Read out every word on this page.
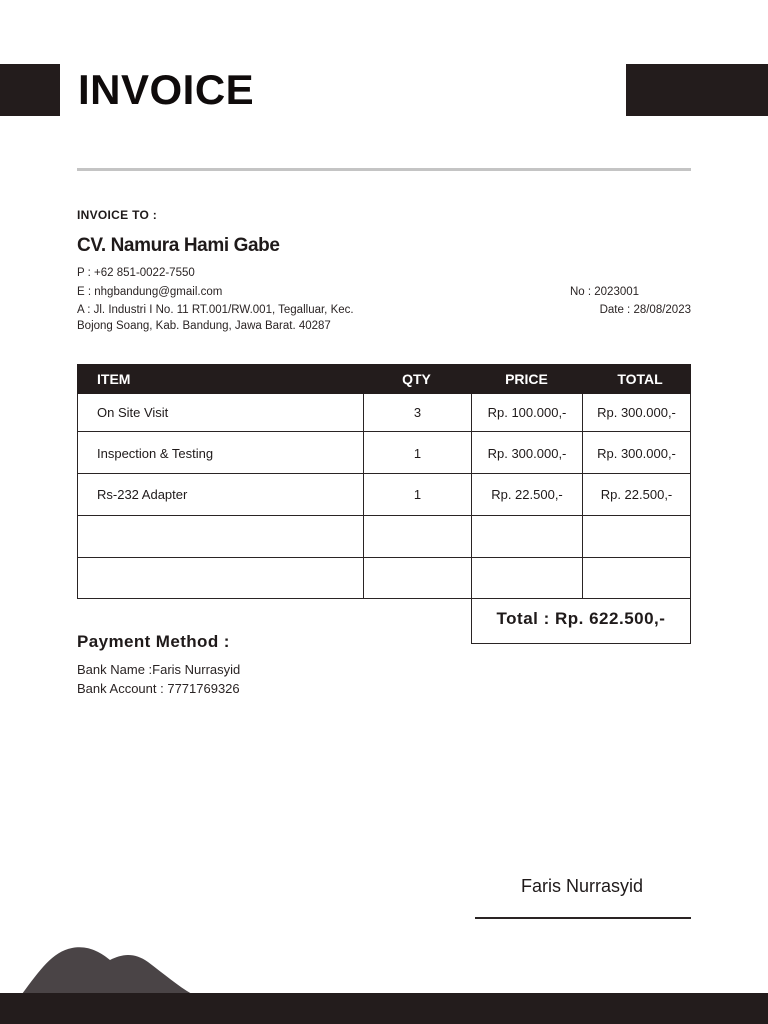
INVOICE
INVOICE TO :
CV. Namura Hami Gabe
P : +62 851-0022-7550
E : nhgbandung@gmail.com
A : Jl. Industri I No. 11 RT.001/RW.001, Tegalluar, Kec.
Bojong Soang, Kab. Bandung, Jawa Barat. 40287
No : 2023001
Date : 28/08/2023
ITEM	QTY	PRICE	TOTAL
On Site Visit	3	Rp. 100.000,-	Rp. 300.000,-
Inspection & Testing	1	Rp. 300.000,-	Rp. 300.000,-
Rs-232 Adapter	1	Rp. 22.500,-	Rp. 22.500,-
Total : Rp. 622.500,-
Payment Method :
Bank Name :Faris Nurrasyid
Bank Account : 7771769326
Faris Nurrasyid
